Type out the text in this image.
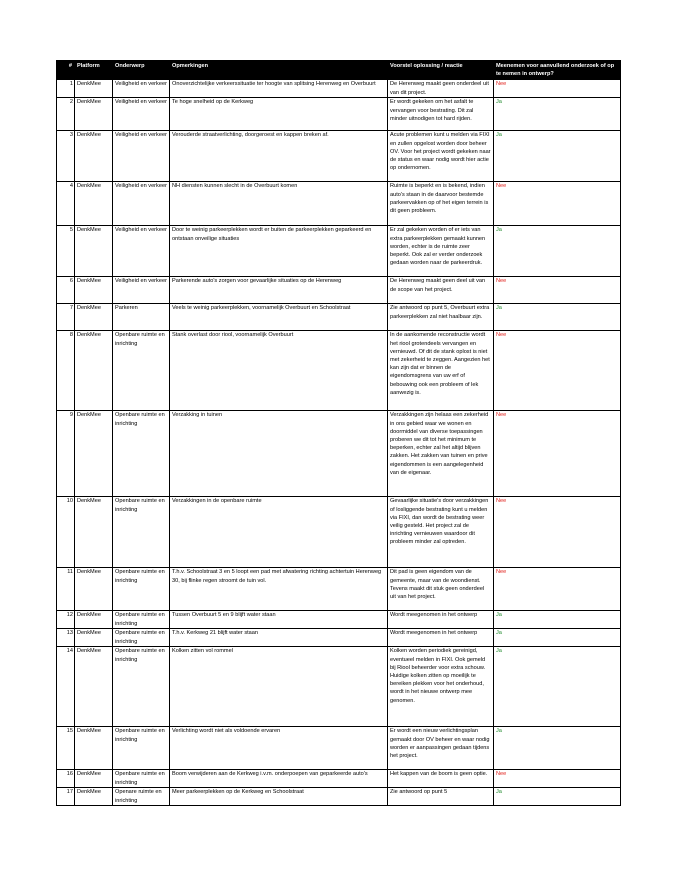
#	Platform	Onderwerp	Opmerkingen	Voorstel oplossing / reactie	Meenemen voor aanvullend onderzoek of op te nemen in ontwerp?
1	DenkMee	Veiligheid en verkeer	Onoverzichtelijke verkeerssituatie ter hoogte van splitsing Herenweg en Overbuurt	De Herenweg maakt geen onderdeel uit van dit project.	Nee
2	DenkMee	Veiligheid en verkeer	Te hoge snelheid op de Kerkweg	Er wordt gekeken om het asfalt te vervangen voor bestrating. Dit zal minder uitnodigen tot hard rijden.	Ja
3	DenkMee	Veiligheid en verkeer	Verouderde straatverlichting, doorgeroest en kappen breken af.	Acute problemen kunt u melden via FIXI en zullen opgelost worden door beheer OV. Voor het project wordt gekeken naar de status en waar nodig wordt hier actie op ondernomen.	Ja
4	DenkMee	Veiligheid en verkeer	NH diensten kunnen slecht in de Overbuurt komen	Ruimte is beperkt en is bekend, indien auto's staan in de daarvoor bestemde parkeervakken op of het eigen terrein is dit geen probleem.	Nee
5	DenkMee	Veiligheid en verkeer	Door te weinig parkeerplekken wordt er buiten de parkeerplekken geparkeerd en ontstaan onveilige situaties	Er zal gekeken worden of er iets van extra parkeerplekken gemaakt kunnen worden, echter is de ruimte zeer beperkt. Ook zal er verder onderzoek gedaan worden naar de parkeerdruk.	Ja
6	DenkMee	Veiligheid en verkeer	Parkerende auto's zorgen voor gevaarlijke situaties op de Herenweg	De Herenweg maakt geen deel uit van de scope van het project.	Nee
7	DenkMee	Parkeren	Veels te weinig parkeerplekken, voornamelijk Overbuurt en Schoolstraat	Zie antwoord op punt 5, Overbuurt extra parkeerplekken zal niet haalbaar zijn.	Ja
8	DenkMee	Openbare ruimte en inrichting	Stank overlast door riool, voornamelijk Overbuurt	In de aankomende reconstructie wordt het riool grotendeels vervangen en vernieuwd. Of dit de stank oplost is niet met zekerheid te zeggen. Aangezien het kan zijn dat er binnen de eigendomsgrens van uw erf of bebouwing ook een probleem of lek aanwezig is.	Nee
9	DenkMee	Openbare ruimte en inrichting	Verzakking in tuinen	Verzakkingen zijn helaas een zekerheid in ons gebied waar we wonen en doormiddel van diverse toepassingen proberen we dit tot het minimum te beperken, echter zal het altijd blijven zakken. Het zakken van tuinen en prive eigendommen is een aangelegenheid van de eigenaar.	Nee
10	DenkMee	Openbare ruimte en inrichting	Verzakkingen in de openbare ruimte	Gevaarlijke situatie's door verzakkingen of losliggende bestrating kunt u melden via FIXI, dan wordt de bestrating weer veilig gesteld. Het project zal de inrichting vernieuwen waardoor dit probleem minder zal optreden.	Nee
11	DenkMee	Openbare ruimte en inrichting	T.h.v. Schoolstraat 3 en 5 loopt een pad met afwatering richting achtertuin Herenweg 30, bij flinke regen stroomt de tuin vol.	Dit pad is geen eigendom van de gemeente, maar van de woondienst. Tevens maakt dit stuk geen onderdeel uit van het project.	Nee
12	DenkMee	Openbare ruimte en inrichting	Tussen Overbuurt 5 en 9 blijft water staan	Wordt meegenomen in het ontwerp	Ja
13	DenkMee	Openbare ruimte en inrichting	T.h.v. Kerkweg 21 blijft water staan	Wordt meegenomen in het ontwerp	Ja
14	DenkMee	Openbare ruimte en inrichting	Kolken zitten vol rommel	Kolken worden periodiek gereinigd, eventueel melden in FIXI. Ook gemeld bij Riool beheerder voor extra schouw. Huidige kolken zitten op moeilijk te bereiken plekken voor het onderhoud, wordt in het nieuwe ontwerp mee genomen.	Ja
15	DenkMee	Openbare ruimte en inrichting	Verlichting wordt niet als voldoende ervaren	Er wordt een nieuw verlichtingsplan gemaakt door OV beheer en waar nodig worden er aanpassingen gedaan tijdens het project.	Ja
16	DenkMee	Openbare ruimte en inrichting	Boom verwijderen aan de Kerkweg i.v.m. onderpoepen van geparkeerde auto's	Het kappen van de boom is geen optie.	Nee
17	DenkMee	Openare ruimte en inrichting	Meer parkeerplekken op de Kerkweg en Schoolstraat	Zie antwoord op punt 5	Ja
